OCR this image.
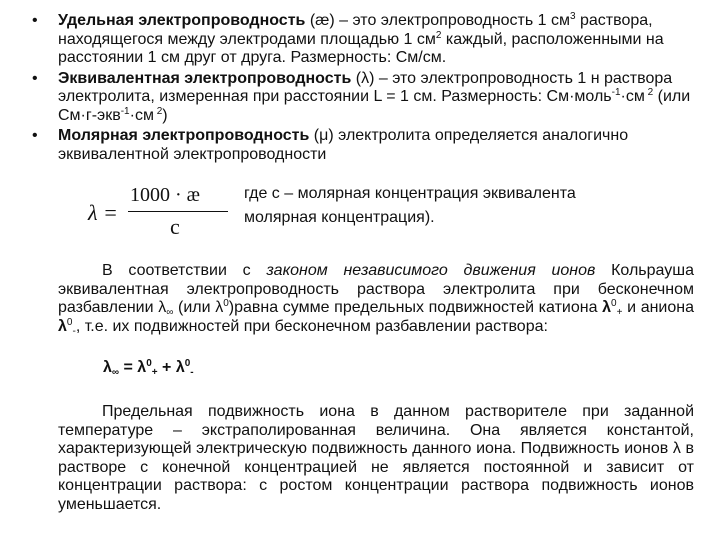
• Удельная электропроводность (æ) – это электропроводность 1 $см^3$ раствора, находящегося между электродами площадью 1 $см^2$ каждый, расположенными на расстоянии 1 см друг от друга. Размерность: См/см.
• Эквивалентная электропроводность (λ) – это электропроводность 1 н раствора электролита, измеренная при расстоянии L = 1 см. Размерность: См·моль$^{-1}$·см $^2$ (или См·г-экв$^{-1}$·см $^2$)
• Молярная электропроводность (μ) электролита определяется аналогично эквивалентной электропроводности
λ =
1000 · æ
c
где с – молярная концентрация эквивалента
молярная концентрация).
В соответствии с законом независимого движения ионов Кольрауша эквивалентная электропроводность раствора электролита при бесконечном разбавлении $\lambda_\infty$ (или $\lambda^0)равна$ сумме предельных подвижностей катиона $\lambda^0_+$ и аниона $\lambda^0_-$, т.е. их подвижностей при бесконечном разбавлении раствора:
$\lambda_\infty = \lambda^0_+ + \lambda^0_-$
Предельная подвижность иона в данном растворителе при заданной температуре – экстраполированная величина. Она является константой, характеризующей электрическую подвижность данного иона. Подвижность ионов λ в растворе с конечной концентрацией не является постоянной и зависит от концентрации раствора: с ростом концентрации раствора подвижность ионов уменьшается.
